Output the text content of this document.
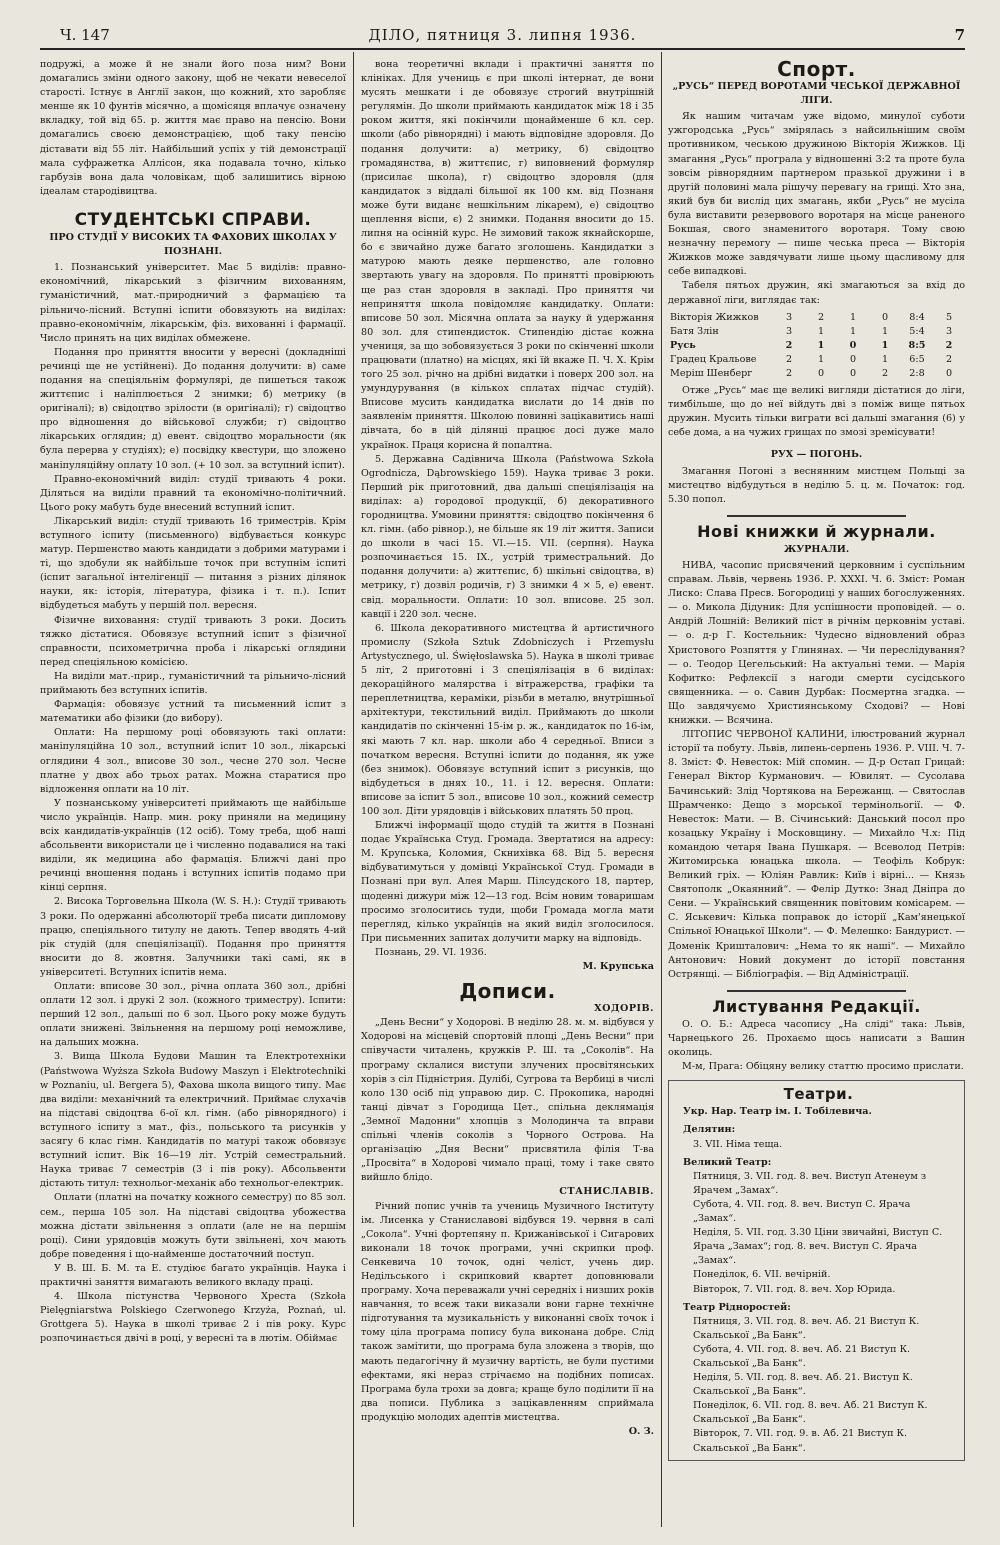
Ч. 147	ДІЛО, пятниця 3. липня 1936.	7

подружі, а може й не знали його поза ним? Вони домагались зміни одного закону, щоб не чекати невеселої старості. Істнує в Англії закон, що кожний, хто заробляє менше як 10 фунтів місячно, а щомісяця вплачує означену вкладку, той від 65. р. життя має право на пенсію. Вони домагались своєю демонстрацією, щоб таку пенсію діставати від 55 літ. Найбільший успіх у тій демонстрації мала суфражетка Аллісон, яка подавала точно, кілько гарбузів вона дала чоловікам, щоб залишитись вірною ідеалам стародівицтва.

СТУДЕНТСЬКІ СПРАВИ.
ПРО СТУДІЇ У ВИСОКИХ ТА ФАХОВИХ ШКОЛАХ У ПОЗНАНІ.

1. Познанський університет. Має 5 виділів: правно-економічний, лікарський з фізичним вихованням, гуманістичний, мат.-природничий з фармацією та рільничо-лісний. Вступні іспити обовязують на виділах: правно-економічнім, лікарськім, фіз. вихованні і фармації. Число принять на цих виділах обмежене.

Подання про приняття вносити у вересні (докладніші речинці ще не устійнені). До подання долучити: в) саме подання на спеціяльнім формулярі, де пишеться також життєпис і наліплюється 2 знимки; б) метрику (в оригіналі); в) свідоцтво зрілости (в оригіналі); г) свідоцтво про відношення до військової служби; г) свідоцтво лікарських оглядин; д) евент. свідоцтво моральности (як була перерва у студіях); е) посвідку квестури, що зложено маніпуляційну оплату 10 зол. (+ 10 зол. за вступний іспит).

Правно-економічний виділ: студії тривають 4 роки. Діляться на виділи правний та економічно-політичний. Цього року мабуть буде внесений вступний іспит.

Лікарський виділ: студії тривають 16 триместрів. Крім вступного іспиту (письменного) відбувається конкурс матур. Першенство мають кандидати з добрими матурами і ті, що здобули як найбільше точок при вступнім іспиті (іспит загальної інтелігенції — питання з різних ділянок науки, як: історія, література, фізика і т. п.). Іспит відбудеться мабуть у першій пол. вересня.

Фізичне виховання: студії тривають 3 роки. Досить тяжко дістатися. Обовязує вступний іспит з фізичної справности, психометрична проба і лікарські оглядини перед спеціяльною комісією.

На виділи мат.-прир., гуманістичний та рільничо-лісний приймають без вступних іспитів.

Фармація: обовязує устний та письменний іспит з математики або фізики (до вибору).

Оплати: На першому році обовязують такі оплати: маніпуляційна 10 зол., вступний іспит 10 зол., лікарські оглядини 4 зол., вписове 30 зол., чесне 270 зол. Чесне платне у двох або трьох ратах. Можна старатися про відложення оплати на 10 літ.

У познанському університеті приймають ще найбільше число українців. Напр. мин. року приняли на медицину всіх кандидатів-українців (12 осіб). Тому треба, щоб наші абсольвенти використали це і численно подавалися на такі виділи, як медицина або фармація. Ближчі дані про речинці вношення подань і вступних іспитів подамо при кінці серпня.

2. Висока Торговельна Школа (W. S. H.): Студії тривають 3 роки. По одержанні абсолюторії треба писати дипломову працю, спеціяльного титулу не дають. Тепер вводять 4-ий рік студій (для спеціялізації). Подання про приняття вносити до 8. жовтня. Залучники такі самі, як в університеті. Вступних іспитів нема.

Оплати: вписове 30 зол., річна оплата 360 зол., дрібні оплати 12 зол. і друкі 2 зол. (кожного триместру). Іспити: перший 12 зол., дальші по 6 зол. Цього року може будуть оплати знижені. Звільнення на першому році неможливе, на дальших можна.

3. Вища Школа Будови Машин та Електротехніки (Państwowa Wyższa Szkoła Budowy Maszyn i Elektrotechniki w Poznaniu, ul. Bergera 5), Фахова школа вищого типу. Має два виділи: механічний та електричний. Приймає слухачів на підставі свідоцтва 6-ої кл. гімн. (або рівнорядного) і вступного іспиту з мат., фіз., польського та рисунків у засягу 6 клас гімн. Кандидатів по матурі також обовязує вступний іспит. Вік 16—19 літ. Устрій семестральний. Наука триває 7 семестрів (3 і пів року). Абсольвенти дістають титул: технольог-механік або технольог-електрик.

Оплати (платні на початку кожного семестру) по 85 зол. сем., перша 105 зол. На підставі свідоцтва убожества можна дістати звільнення з оплати (але не на першім році). Сини урядовців можуть бути звільнені, хоч мають добре поведення і що-найменше достаточний поступ.

У В. Ш. Б. М. та Е. студіює багато українців. Наука і практичні заняття вимагають великого вкладу праці.

4. Школа пістунства Червоного Хреста (Szkoła Pielęgniarstwa Polskiego Czerwonego Krzyża, Poznań, ul. Grottgera 5). Наука в школі триває 2 і пів року. Курс розпочинається двічі в році, у вересні та в лютім. Обіймає

вона теоретичні вклади і практичні заняття по клініках. Для учениць є при школі інтернат, де вони мусять мешкати і де обовязує строгий внутрішній регулямін. До школи приймають кандидаток між 18 і 35 роком життя, які покінчили щонайменше 6 кл. сер. школи (або рівнорядні) і мають відповідне здоровля. До подання долучити: а) метрику, б) свідоцтво громадянства, в) життєпис, г) виповнений формуляр (присилає школа), г) свідоцтво здоровля (для кандидаток з віддалі більшої як 100 км. від Познаня може бути виданє нешкільним лікарем), е) свідоцтво щеплення віспи, є) 2 знимки. Подання вносити до 15. липня на осінній курс. Не зимовий також якнайскорше, бо є звичайно дуже багато зголошень. Кандидатки з матурою мають деяке першенство, але головно звертають увагу на здоровля. По принятті провірюють ще раз стан здоровля в закладі. Про приняття чи неприняття школа повідомляє кандидатку. Оплати: вписове 50 зол. Місячна оплата за науку й удержання 80 зол. для стипендисток. Стипендію дістає кожна учениця, за що зобовязується 3 роки по скінченні школи працювати (платно) на місцях, які їй вкаже П. Ч. Х. Крім того 25 зол. річно на дрібні видатки і поверх 200 зол. на умундурування (в кількох сплатах підчас студій). Вписове мусить кандидатка вислати до 14 днів по заявленім приняття. Школою повинні зацікавитись наші дівчата, бо в цій ділянці працює досі дуже мало українок. Праця корисна й попалтна.

5. Державна Садівнича Школа (Państwowa Szkoła Ogrodnicza, Dąbrowskiego 159). Наука триває 3 роки. Перший рік приготовний, два дальші спеціялізація на виділах: а) городової продукції, б) декоративного городництва. Умовини приняття: свідоцтво покінчення 6 кл. гімн. (або рівнор.), не більше як 19 літ життя. Записи до школи в часі 15. VI.—15. VII. (серпня). Наука розпочинається 15. IX., устрій триместральний. До подання долучити: а) життєпис, б) шкільні свідоцтва, в) метрику, г) дозвіл родичів, г) 3 знимки 4 × 5, е) евент. свід. моральности. Оплати: 10 зол. вписове. 25 зол. кавції і 220 зол. чесне.

6. Школа декоративного мистецтва й артистичного промислу (Szkoła Sztuk Zdobniczych i Przemysłu Artystycznego, ul. Święłoslawska 5). Наука в школі триває 5 літ, 2 приготовні і 3 спеціялізація в 6 виділах: декораційного малярства і вітражерства, графіки та переплетництва, кераміки, різьби в металю, внутрішньої архітектури, текстильний виділ. Приймають до школи кандидатів по скінченні 15-ім р. ж., кандидаток по 16-ім, які мають 7 кл. нар. школи або 4 середньої. Вписи з початком вересня. Вступні іспити до подання, як уже (без знимок). Обовязує вступний іспит з рисунків, що відбудеться в днях 10., 11. і 12. вересня. Оплати: вписове за іспит 5 зол., вписове 10 зол., кожний семестр 100 зол. Діти урядовців і військових платять 50 проц.

Ближчі інформації щодо студій та життя в Познані подає Українська Студ. Громада. Звертатися на адресу: М. Крупська, Коломия, Скнихівка 68. Від 5. вересня відбуватимуться у домівці Української Студ. Громади в Познані при вул. Алея Марш. Пілсудского 18, партер, щоденні дижури між 12—13 год. Всім новим товаришам просимо зголоситись туди, щоби Громада могла мати перегляд, кілько українців на який виділ зголосилося. При письменних запитах долучити марку на відповідь.

Познань, 29. VI. 1936.

М. Крупська

Дописи.

ХОДОРІВ.

„День Весни“ у Ходорові. В неділю 28. м. м. відбувся у Ходорові на місцевій спортовій площі „День Весни“ при співучасти читалень, кружків Р. Ш. та „Соколів“. На програму склалися виступи злучених просвітянських хорів з сіл Підністрия. Дулібі, Сугрова та Вербиці в числі коло 130 осіб під управою дир. С. Прокопика, народні танці дівчат з Городища Цет., спільна деклямація „Земної Мадонни“ хлопців з Молодинча та вправи спільні членів соколів з Чорного Острова. На організацію „Дня Весни“ присвятила філія Т-ва „Просвіта“ в Ходорові чимало праці, тому і таке свято вийшло блідо.

СТАНИСЛАВІВ.

Річний попис учнів та учениць Музичного Інституту ім. Лисенка у Станиславові відбувся 19. червня в салі „Сокола“. Учні фортепяну п. Крижанівської і Сигарових виконали 18 точок програми, учні скрипки проф. Сенкевича 10 точок, одні челіст, учень дир. Недільського і скрипковий квартет доповнювали програму. Хоча переважали учні середніх і низших років навчання, то всеж таки виказали вони гарне технічне підготування та музикальність у виконанні своїх точок і тому ціла програма попису була виконана добре. Слід також замітити, що програма була зложена з творів, що мають педагогічну й музичну вартість, не були пустими ефектами, які нераз стрічаємо на подібних пописах. Програма була трохи за довга; краще було поділити її на два пописи. Публика з зацікавленням сприймала продукцію молодих адептів мистецтва.

О. З.

Спорт.
„РУСЬ“ ПЕРЕД ВОРОТАМИ ЧЕСЬКОЇ ДЕРЖАВНОЇ ЛІГИ.

Як нашим читачам уже відомо, минулої суботи ужгородська „Русь“ змірялась з найсильнішим своїм противником, чеською дружиною Вікторія Жижков. Ці змагання „Русь“ програла у відношенні 3:2 та проте була зовсім рівнорядним партнером празької дружини і в другій половині мала рішучу перевагу на грищі. Хто зна, який був би вислід цих змагань, якби „Русь“ не мусіла була виставити резервового воротаря на місце раненого Бокшая, свого знаменитого воротаря. Тому свою незначну перемогу — пише чеська преса — Вікторія Жижков може завдячувати лише цьому щасливому для себе випадкові.

Табеля пятьох дружин, які змагаються за вхід до державної ліги, виглядає так:

Вікторія Жижков	3	2	1	0	8:4	5
Батя Злін	3	1	1	1	5:4	3
Русь	2	1	0	1	8:5	2
Градец Кральове	2	1	0	1	6:5	2
Меріш Шенберг	2	0	0	2	2:8	0

Отже „Русь“ має ще великі вигляди дістатися до ліги, тимбільше, що до неї війдуть дві з поміж вище пятьох дружин. Мусить тільки виграти всі дальші змагання (6) у себе дома, а на чужих грищах по змозі зремісувати!

РУХ — ПОГОНЬ.

Змагання Погоні з веснянним мистцем Польщі за мистецтво відбудуться в неділю 5. ц. м. Початок: год. 5.30 попол.

Нові книжки й журнали.
ЖУРНАЛИ.

НИВА, часопис присвячений церковним і суспільним справам. Львів, червень 1936. Р. XXXI. Ч. 6. Зміст: Роман Лиско: Слава Пресв. Богородиці у наших богослуженнях. — о. Микола Дідуник: Для успішности проповідей. — о. Андрій Лошній: Великий піст в річнім церковнім уставі. — о. д-р Г. Костельник: Чудесно відновлений образ Христового Розпяття у Глинянах. — Чи переслідування? — о. Теодор Цегельський: На актуальні теми. — Марія Кофитко: Рефлексії з нагоди смерти сусідського священника. — о. Савин Дурбак: Посмертна згадка. — Що завдячуємо Християнському Сходові? — Нові книжки. — Всячина.

ЛІТОПИС ЧЕРВОНОЇ КАЛИНИ, ілюстрований журнал історії та побуту. Львів, липень-серпень 1936. Р. VIII. Ч. 7-8. Зміст: Ф. Невесток: Мій спомин. — Д-р Остап Грицай: Генерал Віктор Курманович. — Ювилят. — Сусолава Бачинський: Злід Чортякова на Бережанщ. — Святослав Шрамченко: Дещо з морської термінольогії. — Ф. Невесток: Мати. — В. Січинський: Данський посол про козацьку Україну і Московщину. — Михайло Ч.х: Під командою четаря Івана Пушкаря. — Всеволод Петрів: Житомирська юнацька школа. — Теофіль Кобрук: Великий гріх. — Юліян Равлик: Київ і вірні... — Князь Святополк „Окаянний“. — Фелір Дутко: Знад Дніпра до Сени. — Український священник повітовим комісарем. — С. Яськевич: Кілька поправок до історії „Кам'янецької Спільної Юнацької Школи“. — Ф. Мелешко: Бандурист. — Доменік Кришталович: „Нема то як наші“. — Михайло Антонович: Новий документ до історії повстання Острянщі. — Бібліографія. — Від Адміністрації.

Листування Редакції.

О. О. Б.: Адреса часопису „На сліді“ така: Львів, Чарнецького 26. Прохаємо щось написати з Вашин околиць.

М-м, Прага: Обіцяну велику статтю просимо прислати.

Театри.
Укр. Нар. Театр ім. І. Тобілевича.
Делятин:
3. VII. Німа теща.
Великий Театр:
Пятниця, 3. VII. год. 8. веч. Виступ Атенеум з Ярачем „Замах“.
Субота, 4. VII. год. 8. веч. Виступ С. Ярача „Замах“.
Неділя, 5. VII. год. 3.30 Ціни звичайні, Виступ С. Ярача „Замах“; год. 8. веч. Виступ С. Ярача „Замах“.
Понеділок, 6. VII. вечірній.
Вівторок, 7. VII. год. 8. веч. Хор Юрида.
Театр Рідноростей:
Пятниця, 3. VII. год. 8. веч. Аб. 21 Виступ К. Скальської „Ва Банк“.
Субота, 4. VII. год. 8. веч. Аб. 21 Виступ К. Скальської „Ва Банк“.
Неділя, 5. VII. год. 8. веч. Аб. 21. Виступ К. Скальської „Ва Банк“.
Понеділок, 6. VII. год. 8. веч. Аб. 21 Виступ К. Скальської „Ва Банк“.
Вівторок, 7. VII. год. 9. в. Аб. 21 Виступ К. Скальської „Ва Банк“.
